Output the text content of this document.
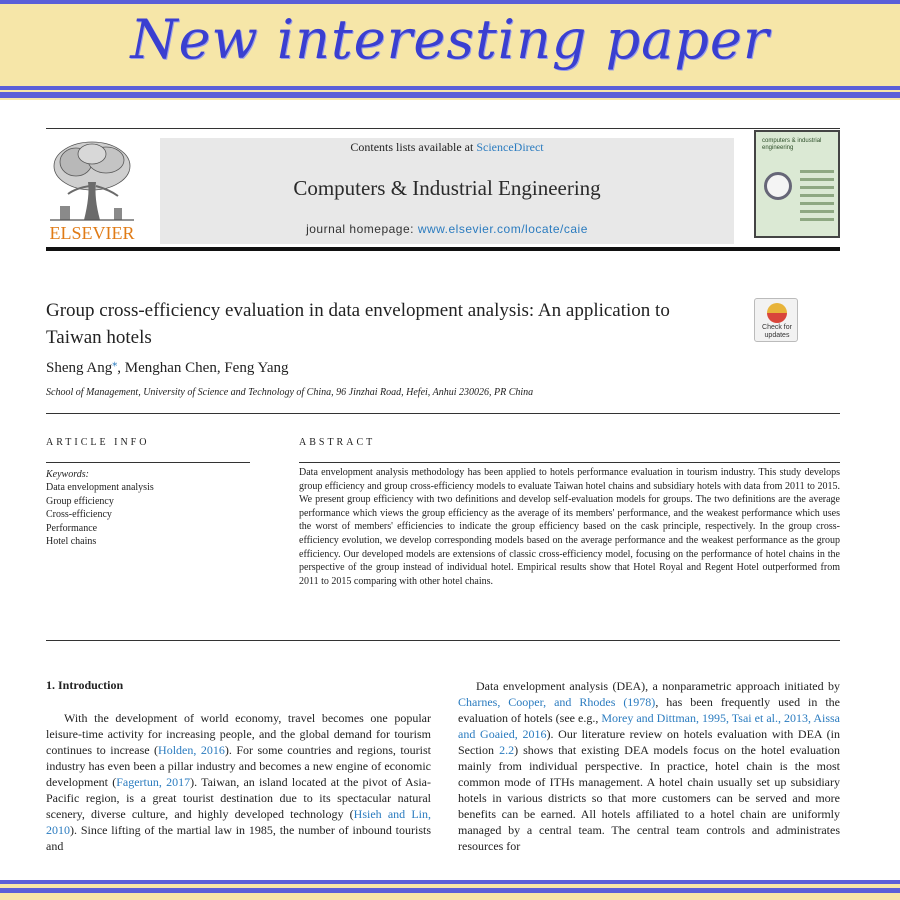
New interesting paper
ELSEVIER
Contents lists available at ScienceDirect
Computers & Industrial Engineering
journal homepage: www.elsevier.com/locate/caie
computers & industrial engineering
Group cross-efficiency evaluation in data envelopment analysis: An application to Taiwan hotels	Check for updates
Sheng Ang⁎, Menghan Chen, Feng Yang
School of Management, University of Science and Technology of China, 96 Jinzhai Road, Hefei, Anhui 230026, PR China
ARTICLE INFO	ABSTRACT
Keywords:
Data envelopment analysis
Group efficiency
Cross-efficiency
Performance
Hotel chains
Data envelopment analysis methodology has been applied to hotels performance evaluation in tourism industry. This study develops group efficiency and group cross-efficiency models to evaluate Taiwan hotel chains and subsidiary hotels with data from 2011 to 2015. We present group efficiency with two definitions and develop self-evaluation models for groups. The two definitions are the average performance which views the group efficiency as the average of its members' performance, and the weakest performance which uses the worst of members' efficiencies to indicate the group efficiency based on the cask principle, respectively. In the group cross-efficiency evolution, we develop corresponding models based on the average performance and the weakest performance as the group efficiency. Our developed models are extensions of classic cross-efficiency model, focusing on the performance of hotel chains in the perspective of the group instead of individual hotel. Empirical results show that Hotel Royal and Regent Hotel outperformed from 2011 to 2015 comparing with other hotel chains.
1. Introduction
With the development of world economy, travel becomes one popular leisure-time activity for increasing people, and the global demand for tourism continues to increase (Holden, 2016). For some countries and regions, tourist industry has even been a pillar industry and becomes a new engine of economic development (Fagertun, 2017). Taiwan, an island located at the pivot of Asia-Pacific region, is a great tourist destination due to its spectacular natural scenery, diverse culture, and highly developed technology (Hsieh and Lin, 2010). Since lifting of the martial law in 1985, the number of inbound tourists and
Data envelopment analysis (DEA), a nonparametric approach initiated by Charnes, Cooper, and Rhodes (1978), has been frequently used in the evaluation of hotels (see e.g., Morey and Dittman, 1995, Tsai et al., 2013, Aissa and Goaied, 2016). Our literature review on hotels evaluation with DEA (in Section 2.2) shows that existing DEA models focus on the hotel evaluation mainly from individual perspective. In practice, hotel chain is the most common mode of ITHs management. A hotel chain usually set up subsidiary hotels in various districts so that more customers can be served and more benefits can be earned. All hotels affiliated to a hotel chain are uniformly managed by a central team. The central team controls and administrates resources for
